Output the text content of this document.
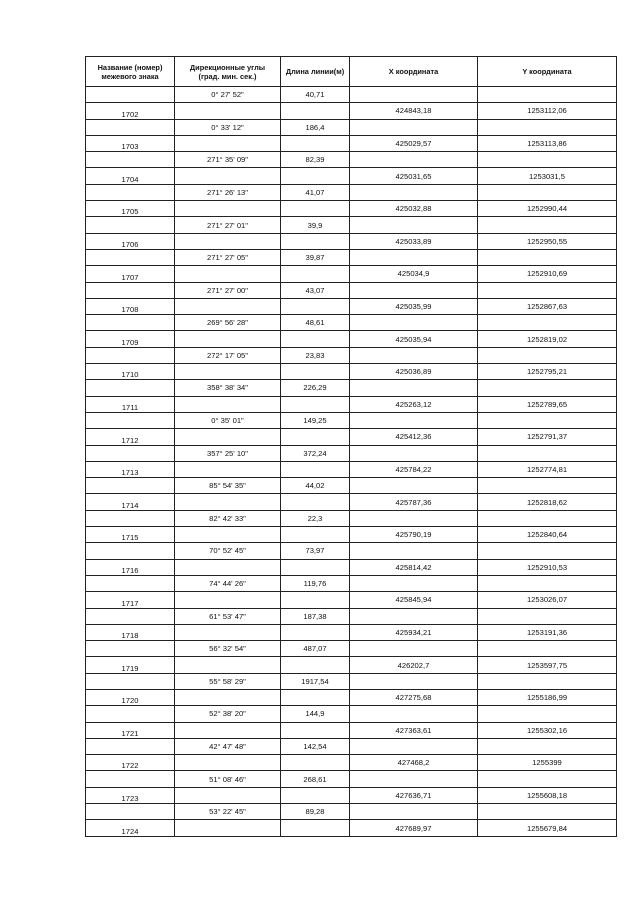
Название (номер)
межевого знака	Дирекционные углы
(град. мин. сек.)	Длина линии(м)	X координата	Y координата
	0° 27' 52"	40,71		
1702			424843,18	1253112,06
	0° 33' 12"	186,4		
1703			425029,57	1253113,86
	271° 35' 09"	82,39		
1704			425031,65	1253031,5
	271° 26' 13"	41,07		
1705			425032,88	1252990,44
	271° 27' 01"	39,9		
1706			425033,89	1252950,55
	271° 27' 05"	39,87		
1707			425034,9	1252910,69
	271° 27' 00"	43,07		
1708			425035,99	1252867,63
	269° 56' 28"	48,61		
1709			425035,94	1252819,02
	272° 17' 05"	23,83		
1710			425036,89	1252795,21
	358° 38' 34"	226,29		
1711			425263,12	1252789,65
	0° 35' 01"	149,25		
1712			425412,36	1252791,37
	357° 25' 10"	372,24		
1713			425784,22	1252774,81
	85° 54' 35"	44,02		
1714			425787,36	1252818,62
	82° 42' 33"	22,3		
1715			425790,19	1252840,64
	70° 52' 45"	73,97		
1716			425814,42	1252910,53
	74° 44' 26"	119,76		
1717			425845,94	1253026,07
	61° 53' 47"	187,38		
1718			425934,21	1253191,36
	56° 32' 54"	487,07		
1719			426202,7	1253597,75
	55° 58' 29"	1917,54		
1720			427275,68	1255186,99
	52° 38' 20"	144,9		
1721			427363,61	1255302,16
	42° 47' 48"	142,54		
1722			427468,2	1255399
	51° 08' 46"	268,61		
1723			427636,71	1255608,18
	53° 22' 45"	89,28		
1724			427689,97	1255679,84
